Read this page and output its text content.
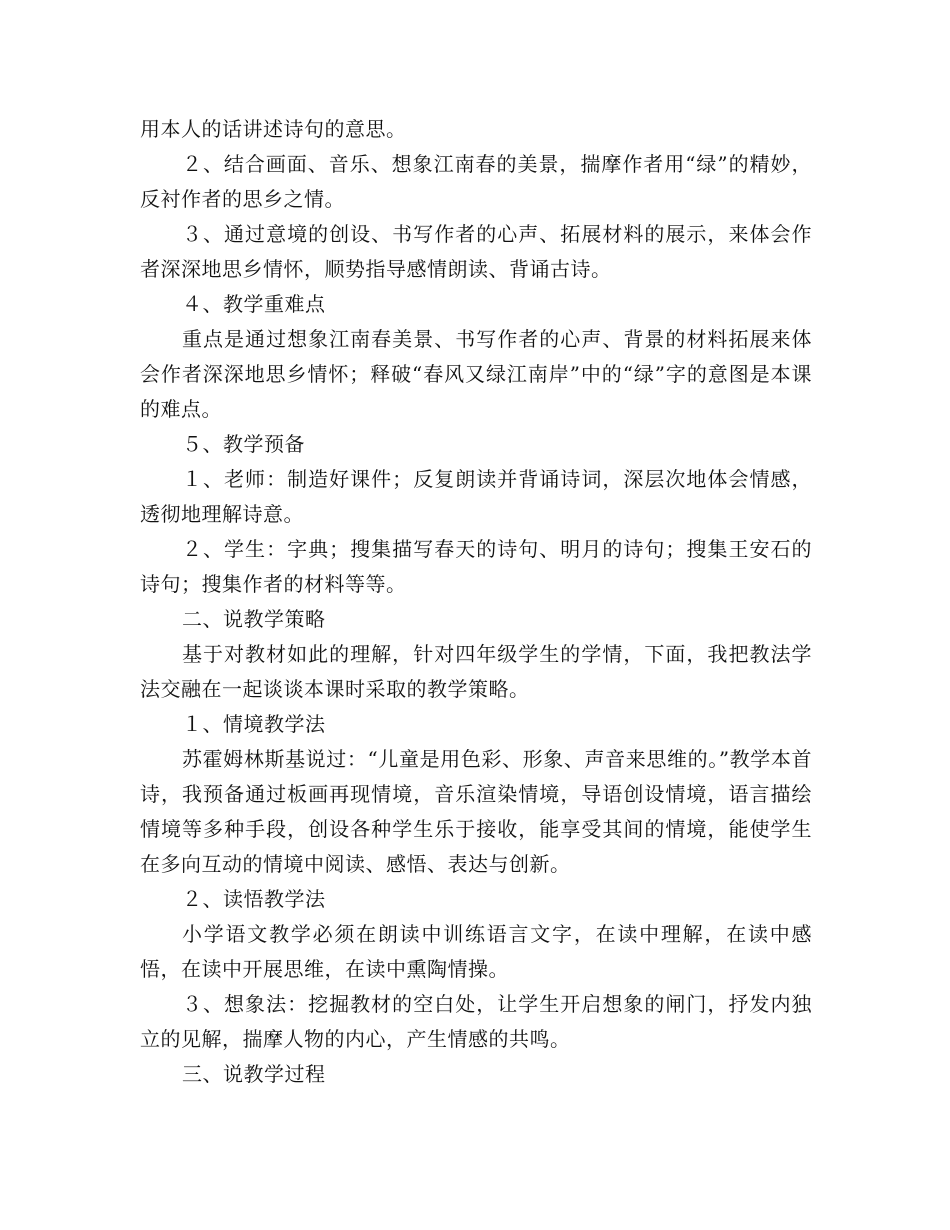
用本人的话讲述诗句的意思。

２、结合画面、音乐、想象江南春的美景，揣摩作者用“绿”的精妙，反衬作者的思乡之情。

３、通过意境的创设、书写作者的心声、拓展材料的展示，来体会作者深深地思乡情怀，顺势指导感情朗读、背诵古诗。

４、教学重难点

重点是通过想象江南春美景、书写作者的心声、背景的材料拓展来体会作者深深地思乡情怀；释破“春风又绿江南岸”中的“绿”字的意图是本课的难点。

５、教学预备

１、老师：制造好课件；反复朗读并背诵诗词，深层次地体会情感，透彻地理解诗意。

２、学生：字典；搜集描写春天的诗句、明月的诗句；搜集王安石的诗句；搜集作者的材料等等。

二、说教学策略

基于对教材如此的理解，针对四年级学生的学情，下面，我把教法学法交融在一起谈谈本课时采取的教学策略。

１、情境教学法

苏霍姆林斯基说过：“儿童是用色彩、形象、声音来思维的。”教学本首诗，我预备通过板画再现情境，音乐渲染情境，导语创设情境，语言描绘情境等多种手段，创设各种学生乐于接收，能享受其间的情境，能使学生在多向互动的情境中阅读、感悟、表达与创新。

２、读悟教学法

小学语文教学必须在朗读中训练语言文字，在读中理解，在读中感悟，在读中开展思维，在读中熏陶情操。

３、想象法：挖掘教材的空白处，让学生开启想象的闸门，抒发内独立的见解，揣摩人物的内心，产生情感的共鸣。

三、说教学过程
